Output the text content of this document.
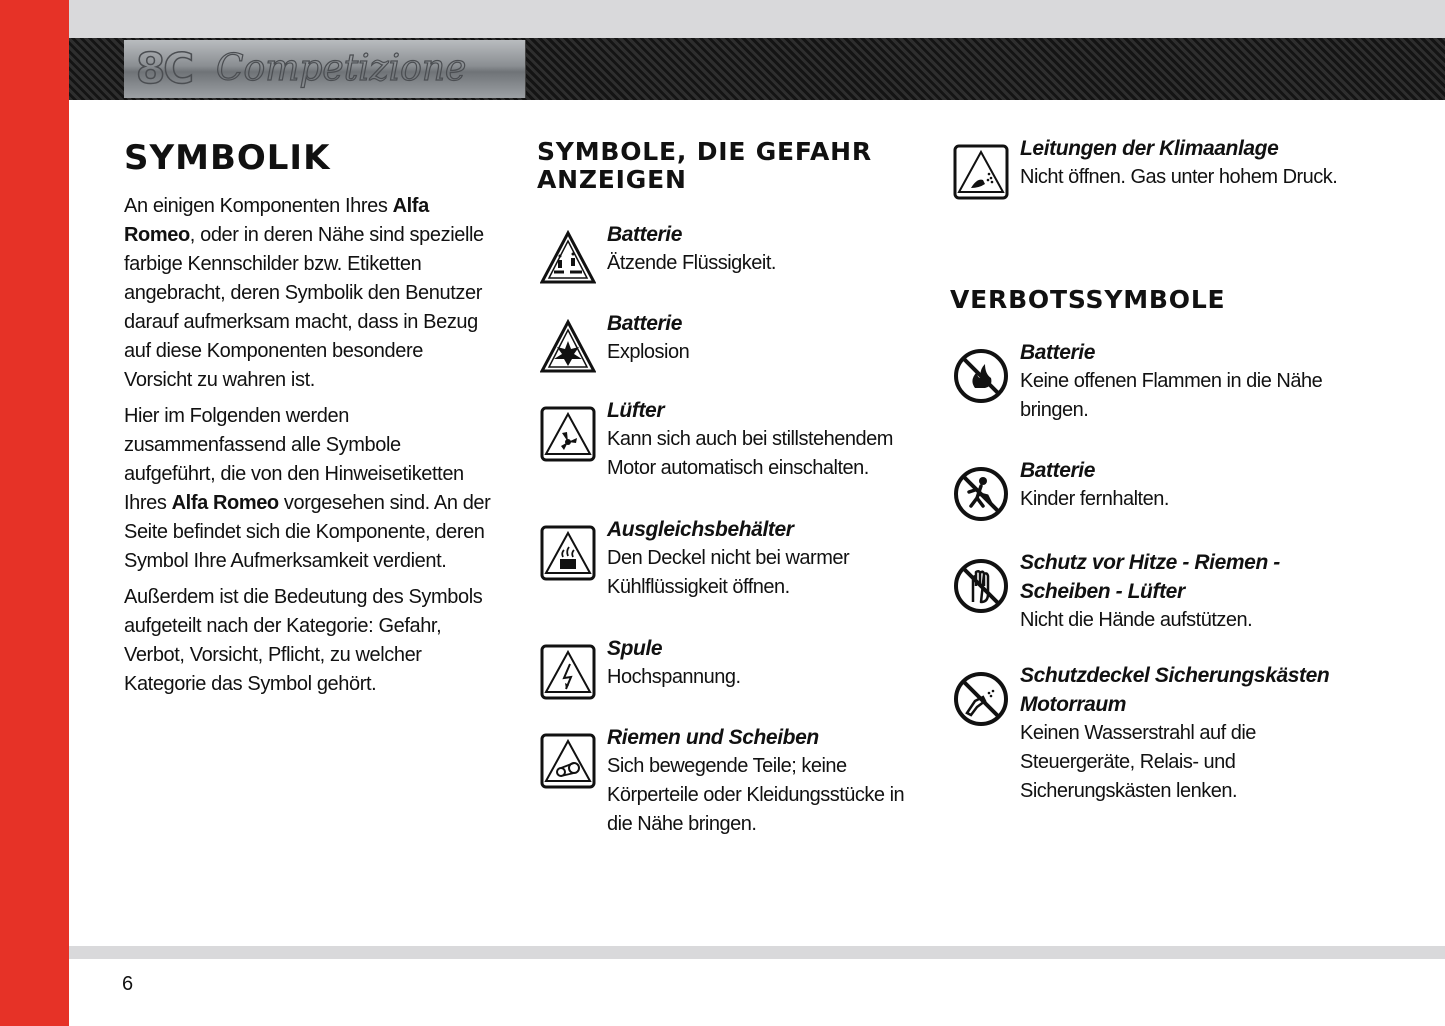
8C Competizione
6
SYMBOLIK

An einigen Komponenten Ihres Alfa Romeo, oder in deren Nähe sind spezielle farbige Kennschilder bzw. Etiketten angebracht, deren Symbolik den Benutzer darauf aufmerksam macht, dass in Bezug auf diese Komponenten besondere Vorsicht zu wahren ist.

Hier im Folgenden werden zusammenfassend alle Symbole aufgeführt, die von den Hinweisetiketten Ihres Alfa Romeo vorgesehen sind. An der Seite befindet sich die Komponente, deren Symbol Ihre Aufmerksamkeit verdient.

Außerdem ist die Bedeutung des Symbols aufgeteilt nach der Kategorie: Gefahr, Verbot, Vorsicht, Pflicht, zu welcher Kategorie das Symbol gehört.

SYMBOLE, DIE GEFAHR
ANZEIGEN
Batterie
Ätzende Flüssigkeit.
Batterie
Explosion
Lüfter
Kann sich auch bei stillstehendem Motor automatisch einschalten.
Ausgleichsbehälter
Den Deckel nicht bei warmer Kühlflüssigkeit öffnen.
Spule
Hochspannung.
Riemen und Scheiben
Sich bewegende Teile; keine Körperteile oder Kleidungsstücke in die Nähe bringen.
Leitungen der Klimaanlage
Nicht öffnen. Gas unter hohem Druck.
VERBOTSSYMBOLE
Batterie
Keine offenen Flammen in die Nähe bringen.
Batterie
Kinder fernhalten.
Schutz vor Hitze - Riemen - Scheiben - Lüfter
Nicht die Hände aufstützen.
Schutzdeckel Sicherungskästen Motorraum
Keinen Wasserstrahl auf die Steuergeräte, Relais- und Sicherungskästen lenken.
